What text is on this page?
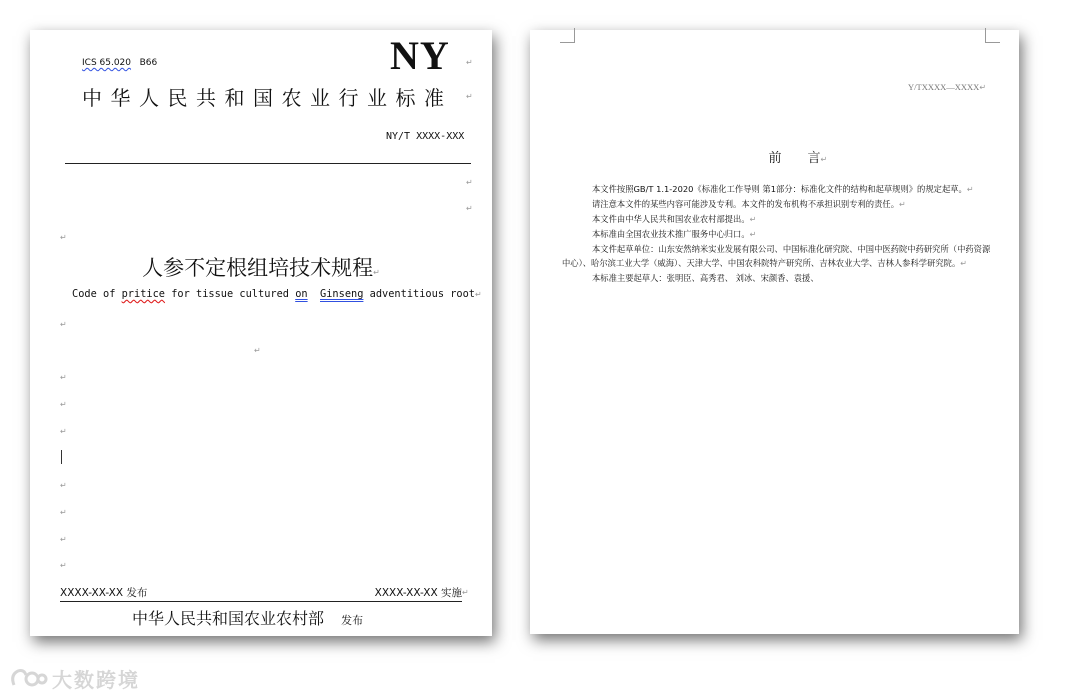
ICS 65.020 B66	NY ↵
中华人民共和国农业行业标准 ↵
NY/T XXXX-XXX
↵
↵
↵
人参不定根组培技术规程↵
Code of pritice for tissue cultured on Ginseng adventitious root↵
↵
↵
↵
↵
↵
↵
↵
↵
↵
XXXX-XX-XX 发布	XXXX-XX-XX 实施 ↵
中华人民共和国农业农村部 发布
Y/TXXXX—XXXX↵

前　　言↵

本文件按照GB/T 1.1-2020《标准化工作导则 第1部分：标准化文件的结构和起草规则》的规定起草。↵

请注意本文件的某些内容可能涉及专利。本文件的发布机构不承担识别专利的责任。↵

本文件由中华人民共和国农业农村部提出。↵

本标准由全国农业技术推广服务中心归口。↵

本文件起草单位：山东安然纳米实业发展有限公司、中国标准化研究院、中国中医药院中药研究所（中药资源中心）、哈尔滨工业大学（威海）、天津大学、中国农科院特产研究所、吉林农业大学、吉林人参科学研究院。↵

本标准主要起草人：张明臣、高秀君、 刘冰、宋颜香、袁援、

大数跨境
